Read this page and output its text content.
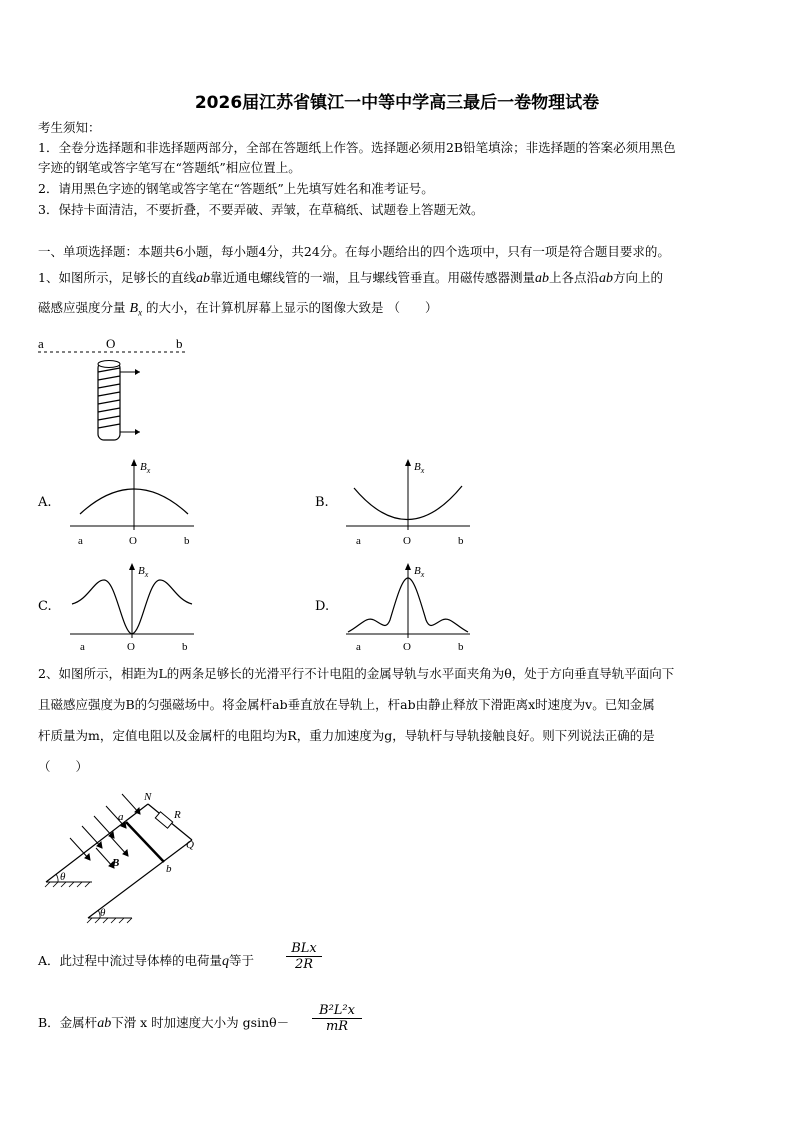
2026届江苏省镇江一中等中学高三最后一卷物理试卷
考生须知：
1．全卷分选择题和非选择题两部分，全部在答题纸上作答。选择题必须用2B铅笔填涂；非选择题的答案必须用黑色
字迹的钢笔或答字笔写在“答题纸”相应位置上。
2．请用黑色字迹的钢笔或答字笔在“答题纸”上先填写姓名和准考证号。
3．保持卡面清洁，不要折叠，不要弄破、弄皱，在草稿纸、试题卷上答题无效。
一、单项选择题：本题共6小题，每小题4分，共24分。在每小题给出的四个选项中，只有一项是符合题目要求的。
1、如图所示，足够长的直线ab靠近通电螺线管的一端，且与螺线管垂直。用磁传感器测量ab上各点沿ab方向上的
磁感应强度分量 $B_x$ 的大小，在计算机屏幕上显示的图像大致是 （　　）
a	O	b
A.
$B_x$
a	O	b
B.
$B_x$
a	O	b
C.
$B_x$
a	O	b
D.
$B_x$
a	O	b
2、如图所示，相距为L的两条足够长的光滑平行不计电阻的金属导轨与水平面夹角为θ，处于方向垂直导轨平面向下
且磁感应强度为B的匀强磁场中。将金属杆ab垂直放在导轨上，杆ab由静止释放下滑距离x时速度为v。已知金属
杆质量为m，定值电阻以及金属杆的电阻均为R，重力加速度为g，导轨杆与导轨接触良好。则下列说法正确的是
（　　）
θ
θ
N
R
Q
a
b
B
A．此过程中流过导体棒的电荷量q等于
BLx
2R
B．金属杆ab下滑 x 时加速度大小为 gsinθ－
B²L²x
mR
